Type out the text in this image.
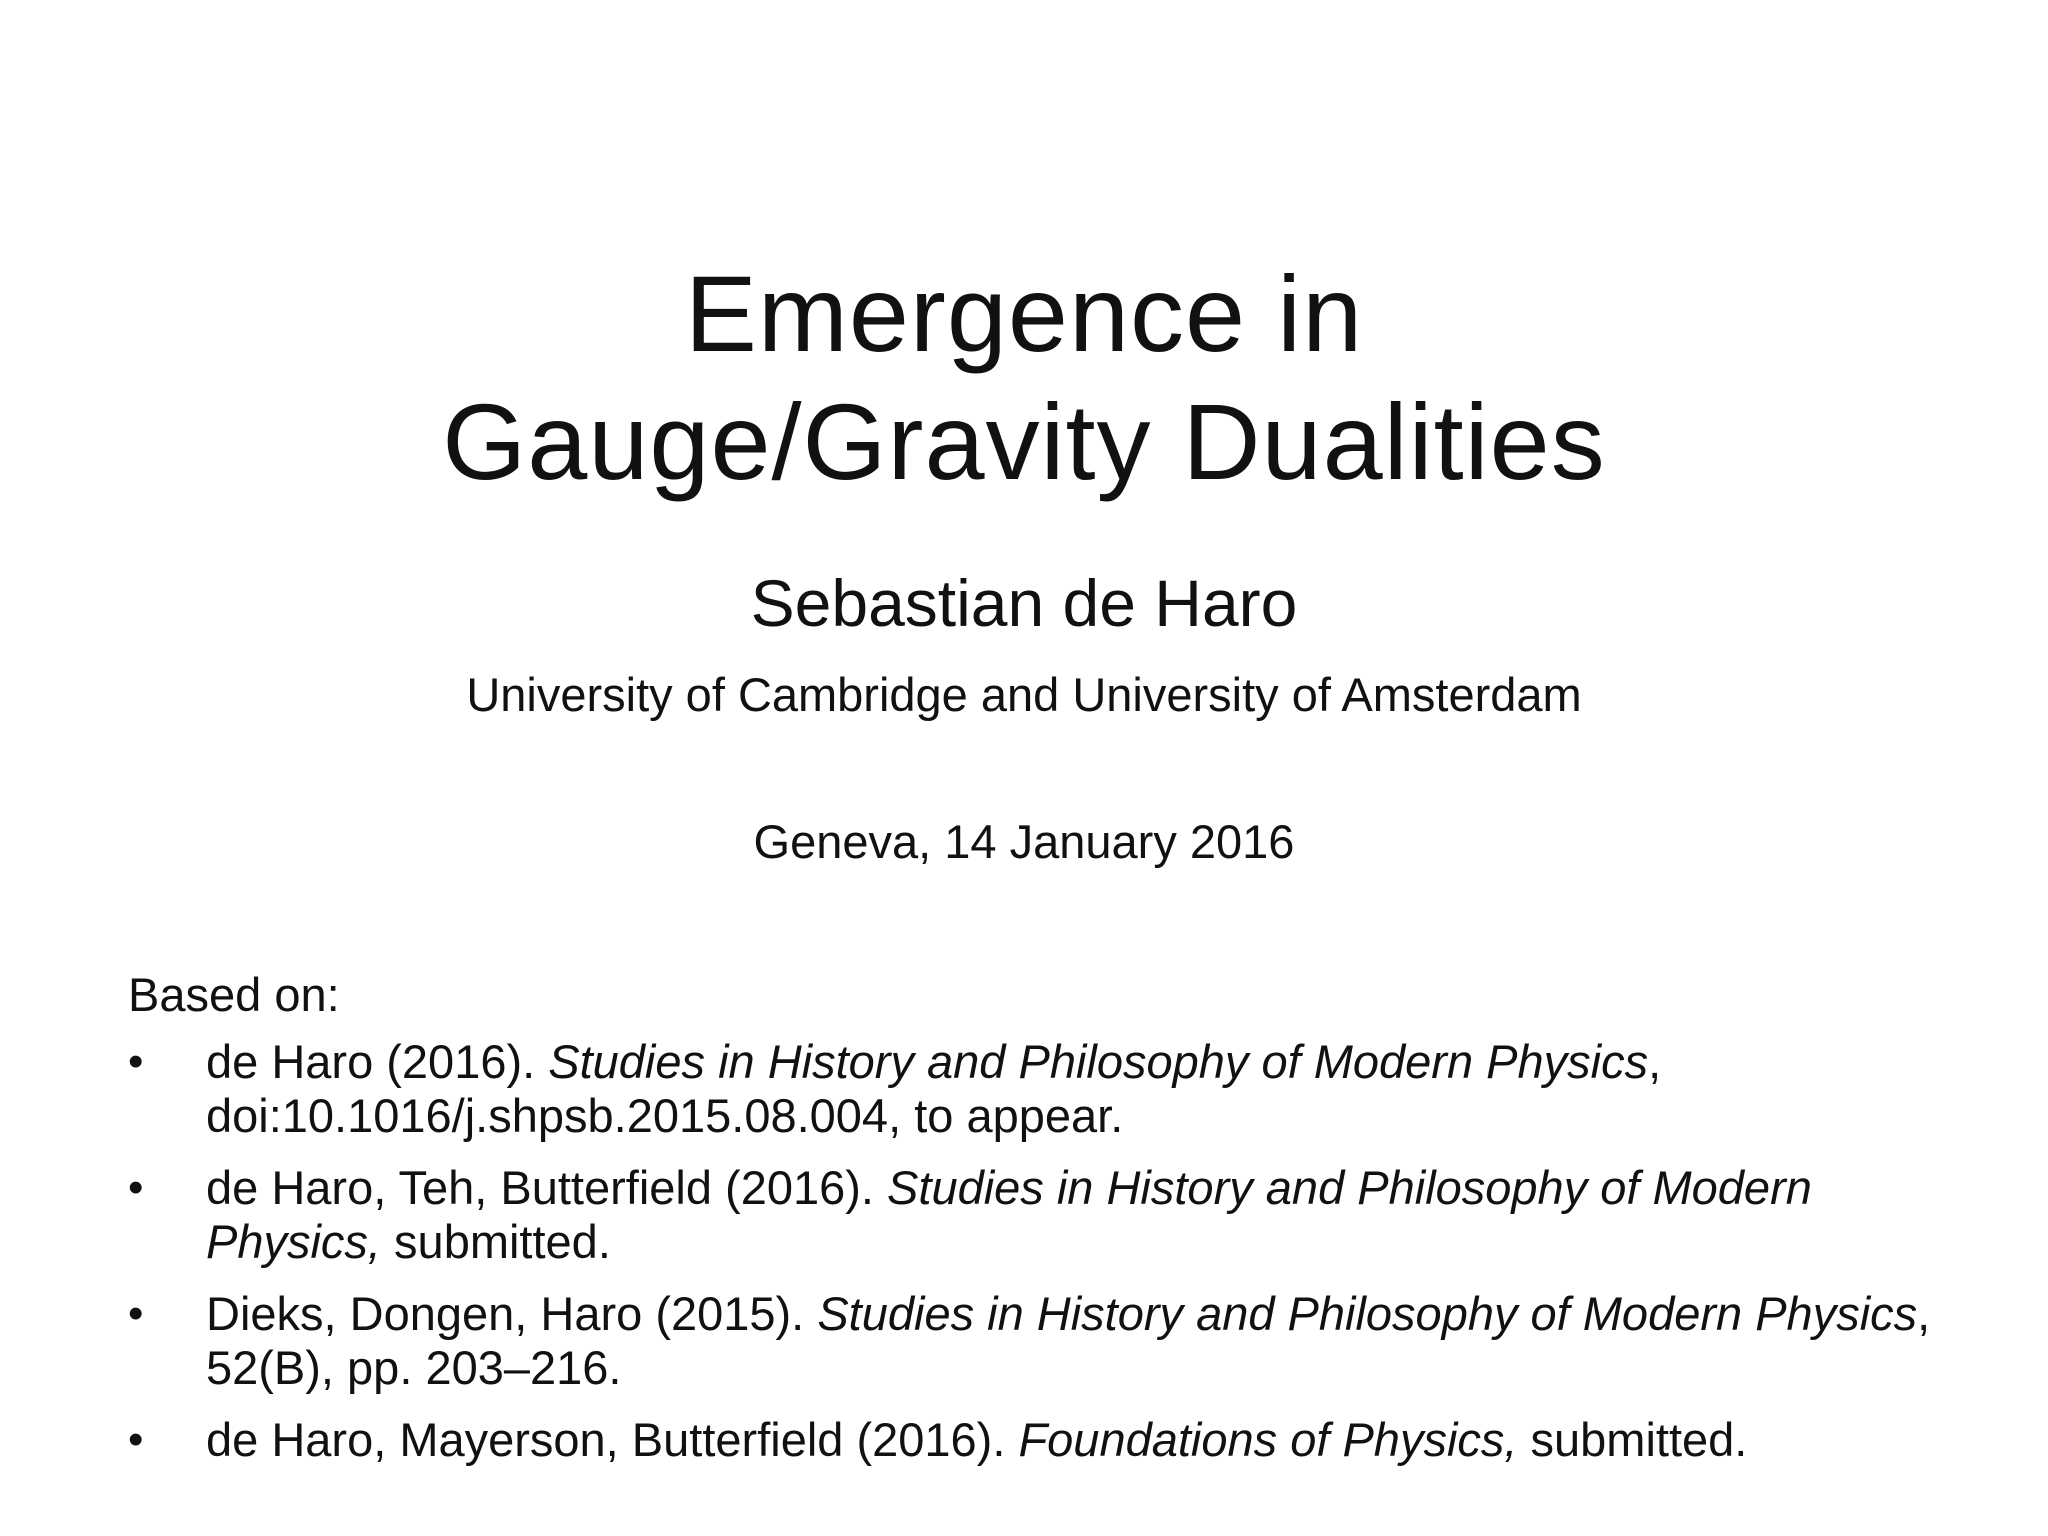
Emergence in
Gauge/Gravity Dualities
Sebastian de Haro
University of Cambridge and University of Amsterdam
Geneva, 14 January 2016
Based on:
• de Haro (2016). Studies in History and Philosophy of Modern Physics, doi:10.1016/j.shpsb.2015.08.004, to appear.
• de Haro, Teh, Butterfield (2016). Studies in History and Philosophy of Modern Physics, submitted.
• Dieks, Dongen, Haro (2015). Studies in History and Philosophy of Modern Physics, 52(B), pp. 203–216.
• de Haro, Mayerson, Butterfield (2016). Foundations of Physics, submitted.
